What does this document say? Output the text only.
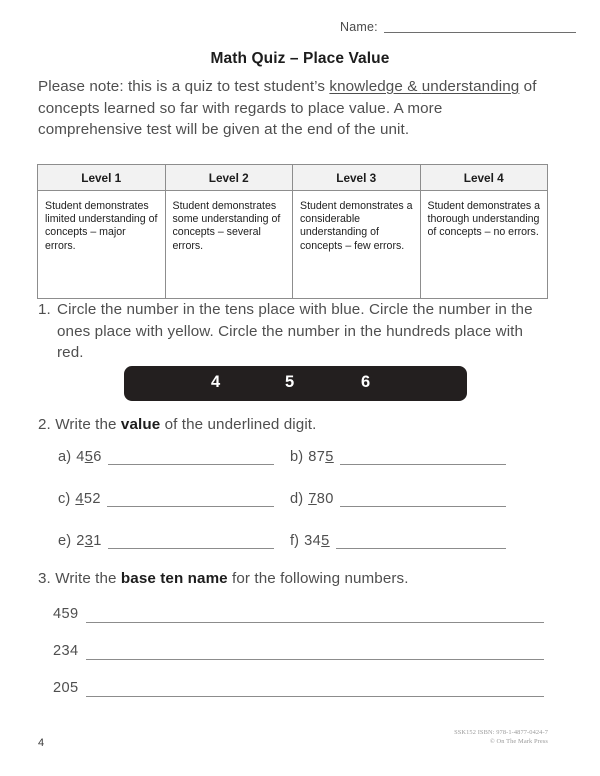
Name:
Math Quiz – Place Value
Please note: this is a quiz to test student’s knowledge & understanding of concepts learned so far with regards to place value. A more comprehensive test will be given at the end of the unit.
Level 1	Level 2	Level 3	Level 4
Student demonstrates limited understanding of concepts – major errors.	Student demonstrates some understanding of concepts – several errors.	Student demonstrates a considerable understanding of concepts – few errors.	Student demonstrates a thorough understanding of concepts – no errors.
1. Circle the number in the tens place with blue. Circle the number in the ones place with yellow. Circle the number in the hundreds place with red.
4	5	6
2. Write the value of the underlined digit.
a) 456	b) 875
c) 452	d) 780
e) 231	f) 345
3. Write the base ten name for the following numbers.
459
234
205
4
SSK152 ISBN: 978-1-4877-0424-7
© On The Mark Press
